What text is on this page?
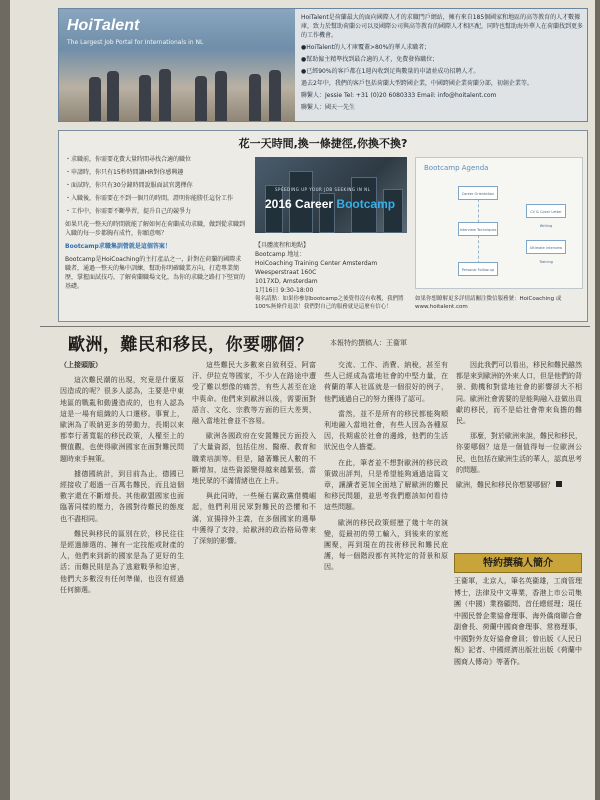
HoiTalent
The Largest Job Portal for Internationals in NL

HoiTalent是荷蘭最大的面向國際人才的求職門戶網站，擁有來自185個國家和地區的高等教育的人才數據庫，致力於幫助荷蘭公司以及國際公司與高等教育的國際人才相匹配，同時也幫助海外華人在荷蘭找到更多的工作機會。

●HoiTalent的人才庫覆蓋>80%的華人求職者；

●幫助僱主精準找到最合適的人才，免費發佈職位；

●已經90%的客戶都在1週內收到足夠數量的申請並成功招聘人才。

過去2年中，我們的客戶包括荷蘭大型跨國企業，中國跨國企業荷蘭分部，初創企業等。

聯繫人：Jessie Tel: +31 (0)20 6080333 Email: info@hoitalent.com

聯繫人：國天一先生

花一天時間,換一條捷徑,你換不換?

・求職前，你需要花費大量時間尋找合適的職位

・申請時，你只有15秒時間讓HR對你感興趣

・面試時，你只有30分鐘時間說服面試官選擇你

・入職後，你需要在不到一個月的時間，證明你能勝任這份工作

・工作中，你需要不斷學習，提升自己的競爭力

如果只花一整天的時間就能了解如何在荷蘭成功求職，做到從求職到入職的每一步都胸有成竹，你願意嗎？

Bootcamp求職集訓營就是這個答案！

Bootcamp是HoiCoaching的主打產品之一，針對在荷蘭的國際求職者，通過一整天的集中訓練，幫助你明確職業方向，打造專業簡歷，掌握面試技巧，了解荷蘭職場文化，為你的求職之路打下堅實的基礎。

SPEEDING UP YOUR JOB SEEKING IN NL
2016 Career Bootcamp
【具體流程和地點】
Bootcamp 地址：
HoiCoaching Training Center Amsterdam
Weesperstraat 160C
1017XD, Amsterdam
1月16日 9:30-18:00
Bootcamp Agenda
Career Orientation
CV & Cover Letter Writing
Interview Techniques
Ultimate Interview Training
Personal Follow-up
報名請點：如果你參加bootcamp之後覺得沒有收穫，我們將100%無條件退款！我們對自己的服務就是這麼有信心！
如果你想瞭解更多詳情請關注微信服務號：HoiCoaching 或 www.hoitalent.com
歐洲，難民和移民，你要哪個？ 本報特約撰稿人：王衞軍

（上接頭版）

這次難民潮的出現，究竟是什麼原因造成的呢？很多人認為，主要是中東地區的戰亂和動盪造成的，也有人認為這是一場有組織的人口遷移。事實上，歐洲為了吸納更多的勞動力，長期以來都奉行著寬鬆的移民政策，人權至上的價值觀，也使得歐洲國家在面對難民問題時束手無策。

據德國統計，到目前為止，德國已經接收了超過一百萬名難民，而且這個數字還在不斷增長。其他歐盟國家也面臨著同樣的壓力，各國對待難民的態度也不盡相同。

難民與移民的區別在於，移民往往是經過篩選的、擁有一定技能或財產的人，他們來到新的國家是為了更好的生活；而難民則是為了逃避戰爭和迫害，他們大多數沒有任何準備，也沒有經過任何篩選。

這些難民大多數來自敘利亞、阿富汗、伊拉克等國家，不少人在路途中遭受了難以想像的痛苦，有些人甚至在途中喪命。他們來到歐洲以後，需要面對語言、文化、宗教等方面的巨大差異，融入當地社會並不容易。

歐洲各國政府在安置難民方面投入了大量資源，包括住房、醫療、教育和職業培訓等。但是，隨著難民人數的不斷增加，這些資源變得越來越緊張，當地民眾的不滿情緒也在上升。

與此同時，一些極右翼政黨借機崛起，他們利用民眾對難民的恐懼和不滿，宣揚排外主義，在多個國家的選舉中獲得了支持，給歐洲的政治格局帶來了深刻的影響。

交流、工作、消費、納稅，甚至有些人已經成為當地社會的中堅力量，在荷蘭的華人社區就是一個很好的例子，他們通過自己的努力獲得了認可。

當然，並不是所有的移民都能夠順利地融入當地社會，有些人因為各種原因，長期處於社會的邊緣，他們的生活狀況也令人擔憂。

在此，筆者並不想對歐洲的移民政策做出評判，只是希望能夠通過這篇文章，讓讀者更加全面地了解歐洲的難民和移民問題，並思考我們應該如何看待這些問題。

歐洲的移民政策經歷了幾十年的演變，從最初的勞工輸入，到後來的家庭團聚，再到現在的技術移民和難民庇護，每一個階段都有其特定的背景和原因。

因此我們可以看出，移民和難民雖然都是來到歐洲的外來人口，但是他們的背景、動機和對當地社會的影響卻大不相同。歐洲社會需要的是能夠融入並做出貢獻的移民，而不是給社會帶來負擔的難民。

那麼，對於歐洲來說，難民和移民，你要哪個？這是一個值得每一位歐洲公民，也包括在歐洲生活的華人，認真思考的問題。

歐洲，難民和移民你想要哪個？

特約撰稿人簡介
王衞軍，北京人，筆名英衞雄，工商管理博士，法律及中文專業，香港上市公司集團（中國）業務顧問、首任總經理；現任中國民營企業協會理事、海外僑商聯合會副會長、荷蘭中國商會理事、常務理事，中國對外友好協會會員；曾出版《人民日報》記者、中國經濟出版社出版《荷蘭中國商人傳奇》等著作。
